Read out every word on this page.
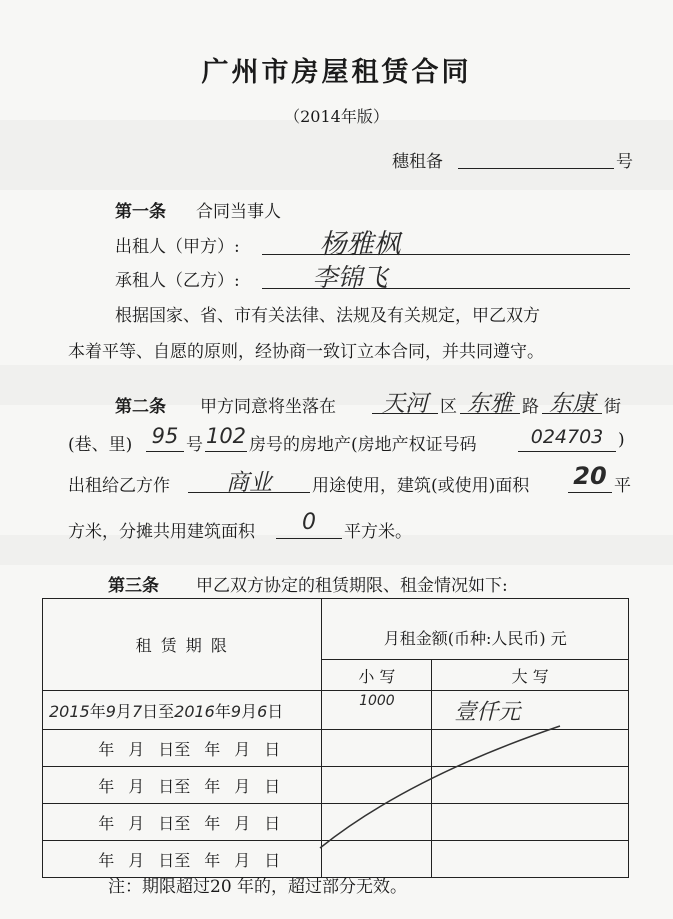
广州市房屋租赁合同
（2014年版）
穗租备	号
第一条 合同当事人
出租人（甲方）:	杨雅枫
承租人（乙方）:	李锦飞
根据国家、省、市有关法律、法规及有关规定，甲乙双方
本着平等、自愿的原则，经协商一致订立本合同，并共同遵守。
第二条 甲方同意将坐落在	天河 区 东雅 路 东康 街
(巷、里) 95 号 102 房号的房地产(房地产权证号码	024703 )
出租给乙方作	商业	用途使用，建筑(或使用)面积 20 平
方米，分摊共用建筑面积	0	平方米。
第三条 甲乙双方协定的租赁期限、租金情况如下:
租 赁 期 限	月租金额(币种:人民币) 元	
	小 写	大 写
2015年9月7日至2016年9月6日	1000	壹仟元
年 月 日至 年 月 日		
年 月 日至 年 月 日		
年 月 日至 年 月 日		
年 月 日至 年 月 日		
注：期限超过20 年的，超过部分无效。
